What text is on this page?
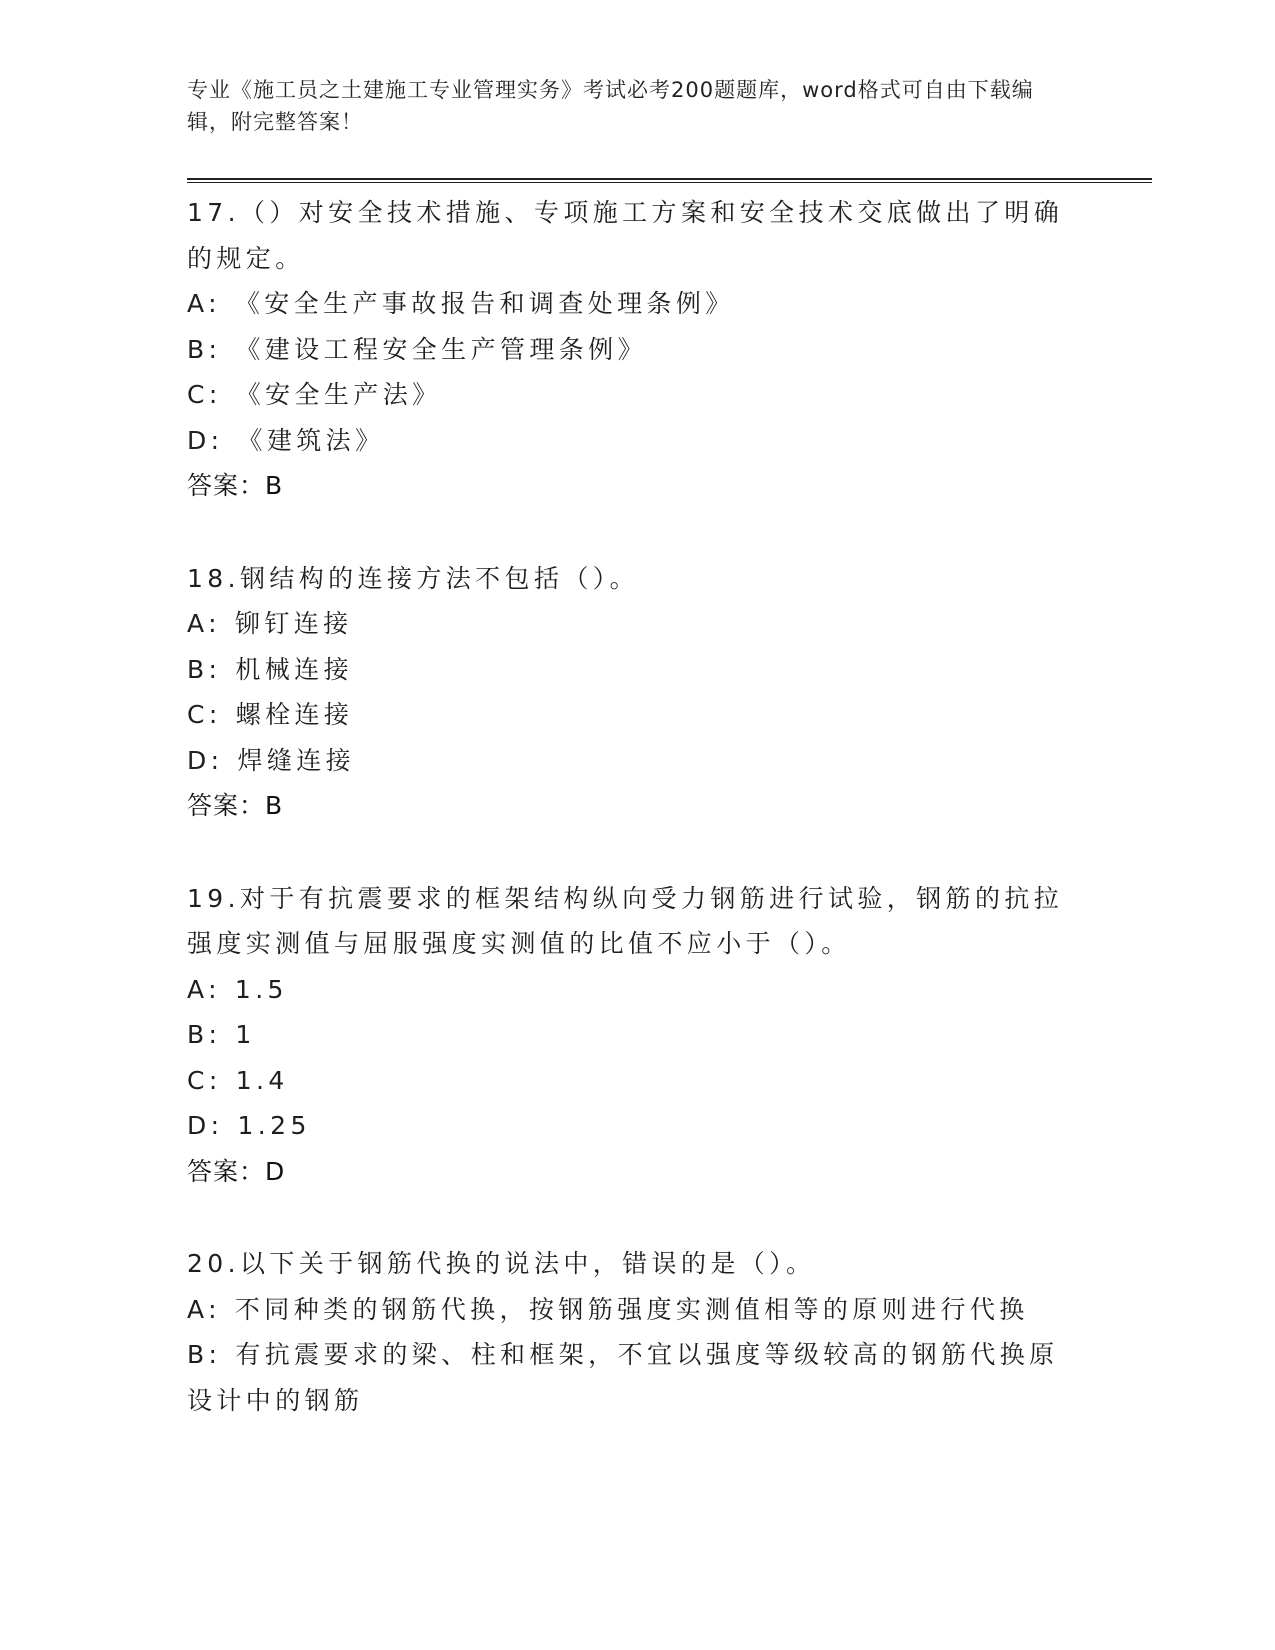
专业《施工员之土建施工专业管理实务》考试必考200题题库，word格式可自由下载编辑，附完整答案！
17.（）对安全技术措施、专项施工方案和安全技术交底做出了明确的规定。
A: 《安全生产事故报告和调查处理条例》
B: 《建设工程安全生产管理条例》
C: 《安全生产法》
D: 《建筑法》
答案：B
18.钢结构的连接方法不包括（）。
A: 铆钉连接
B: 机械连接
C: 螺栓连接
D: 焊缝连接
答案：B
19.对于有抗震要求的框架结构纵向受力钢筋进行试验，钢筋的抗拉强度实测值与屈服强度实测值的比值不应小于（）。
A: 1.5
B: 1
C: 1.4
D: 1.25
答案：D
20.以下关于钢筋代换的说法中，错误的是（）。
A: 不同种类的钢筋代换，按钢筋强度实测值相等的原则进行代换
B: 有抗震要求的梁、柱和框架，不宜以强度等级较高的钢筋代换原设计中的钢筋
